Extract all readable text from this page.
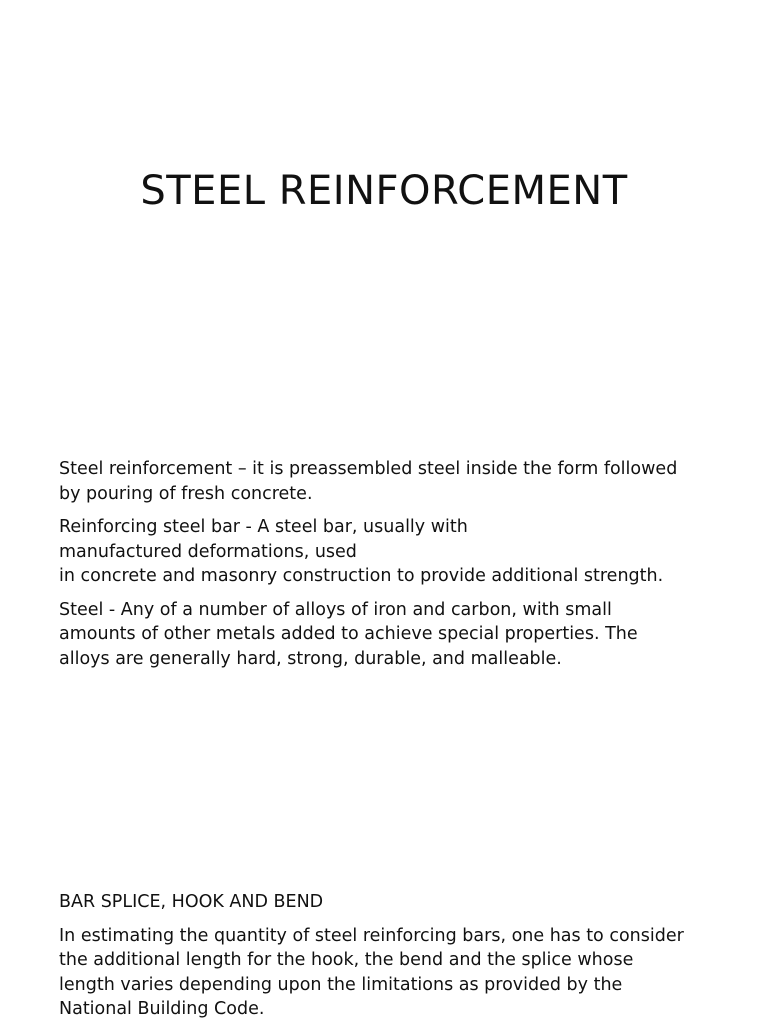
STEEL REINFORCEMENT

Steel reinforcement – it is preassembled steel inside the form followed
by pouring of fresh concrete.

Reinforcing steel bar - A steel bar, usually with
manufactured deformations, used
in concrete and masonry construction to provide additional strength.

Steel - Any of a number of alloys of iron and carbon, with small
amounts of other metals added to achieve special properties. The
alloys are generally hard, strong, durable, and malleable.

BAR SPLICE, HOOK AND BEND

In estimating the quantity of steel reinforcing bars, one has to consider
the additional length for the hook, the bend and the splice whose
length varies depending upon the limitations as provided by the
National Building Code.
